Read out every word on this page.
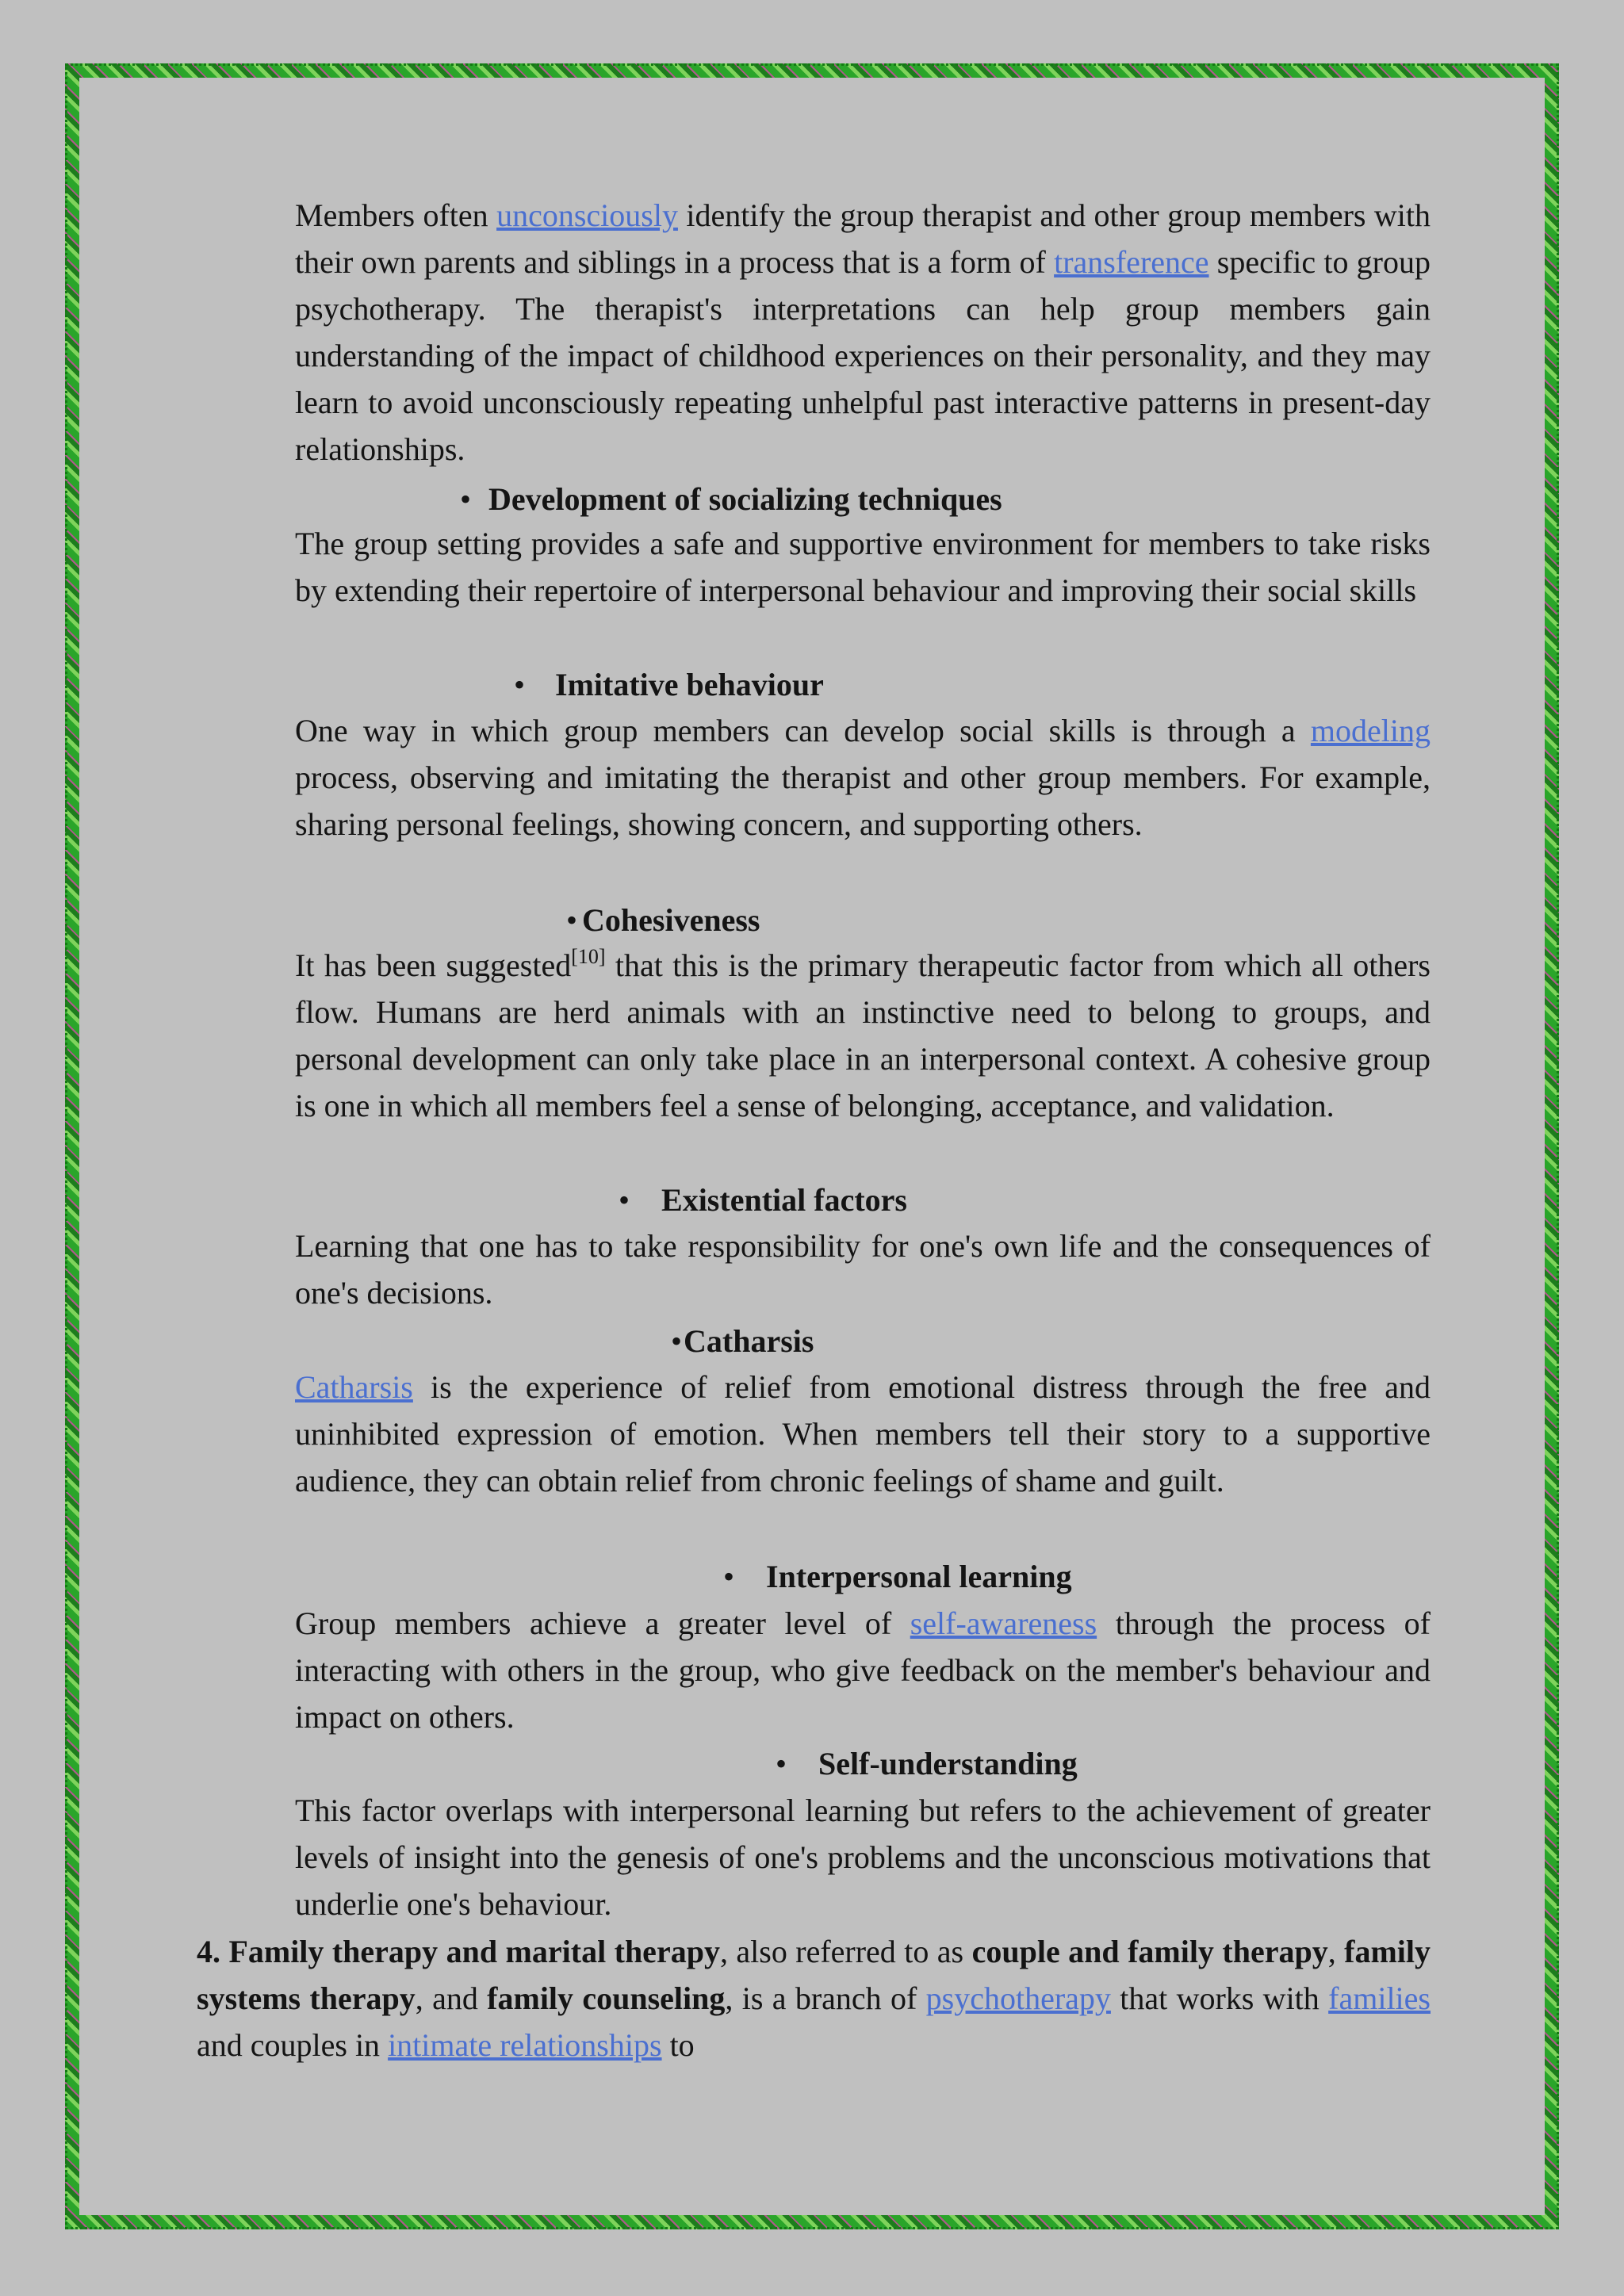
Members often unconsciously identify the group therapist and other group members with their own parents and siblings in a process that is a form of transference specific to group psychotherapy. The therapist's interpretations can help group members gain understanding of the impact of childhood experiences on their personality, and they may learn to avoid unconsciously repeating unhelpful past interactive patterns in present-day relationships.

• Development of socializing techniques

The group setting provides a safe and supportive environment for members to take risks by extending their repertoire of interpersonal behaviour and improving their social skills

• Imitative behaviour

One way in which group members can develop social skills is through a modeling process, observing and imitating the therapist and other group members. For example, sharing personal feelings, showing concern, and supporting others.

• Cohesiveness

It has been suggested[10] that this is the primary therapeutic factor from which all others flow. Humans are herd animals with an instinctive need to belong to groups, and personal development can only take place in an interpersonal context. A cohesive group is one in which all members feel a sense of belonging, acceptance, and validation.

• Existential factors

Learning that one has to take responsibility for one's own life and the consequences of one's decisions.

•Catharsis

Catharsis is the experience of relief from emotional distress through the free and uninhibited expression of emotion. When members tell their story to a supportive audience, they can obtain relief from chronic feelings of shame and guilt.

• Interpersonal learning

Group members achieve a greater level of self-awareness through the process of interacting with others in the group, who give feedback on the member's behaviour and impact on others.

• Self-understanding

This factor overlaps with interpersonal learning but refers to the achievement of greater levels of insight into the genesis of one's problems and the unconscious motivations that underlie one's behaviour.

4. Family therapy and marital therapy, also referred to as couple and family therapy, family systems therapy, and family counseling, is a branch of psychotherapy that works with families and couples in intimate relationships to
